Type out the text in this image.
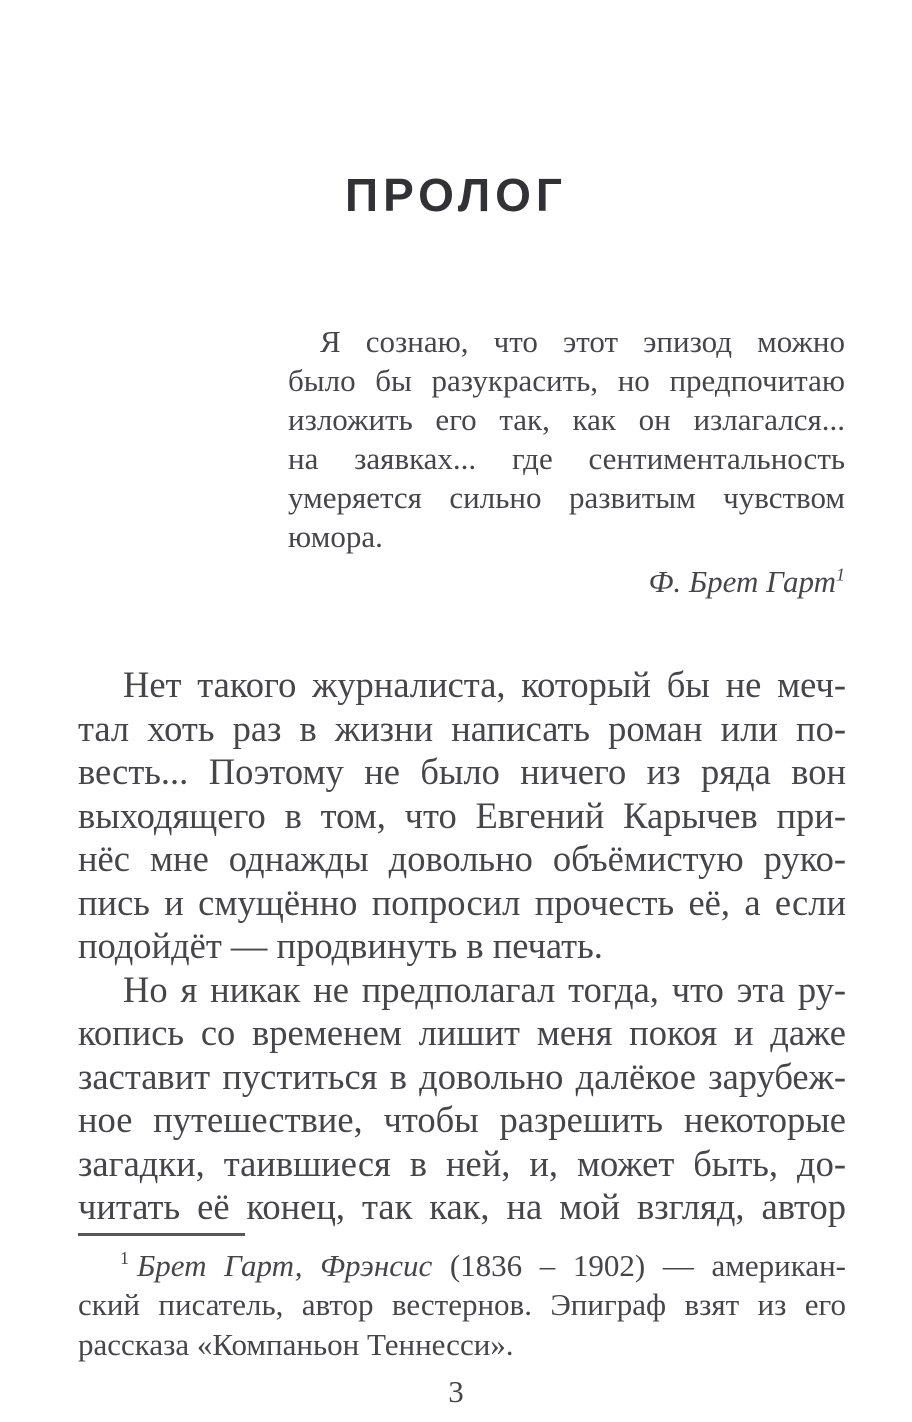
ПРОЛОГ
Я сознаю, что этот эпизод можно
было бы разукрасить, но предпочитаю
изложить его так, как он излагался...
на заявках... где сентиментальность
умеряется сильно развитым чувством
юмора.
Ф. Брет Гарт$^1$
Нет такого журналиста, который бы не меч-
тал хоть раз в жизни написать роман или по-
весть... Поэтому не было ничего из ряда вон
выходящего в том, что Евгений Карычев при-
нёс мне однажды довольно объёмистую руко-
пись и смущённо попросил прочесть её, а если
подойдёт — продвинуть в печать.
Но я никак не предполагал тогда, что эта ру-
копись со временем лишит меня покоя и даже
заставит пуститься в довольно далёкое зарубеж-
ное путешествие, чтобы разрешить некоторые
загадки, таившиеся в ней, и, может быть, до-
читать её конец, так как, на мой взгляд, автор
$^1$ Брет Гарт, Фрэнсис (1836 – 1902) — американ-
ский писатель, автор вестернов. Эпиграф взят из его
рассказа «Компаньон Теннесси».
3
